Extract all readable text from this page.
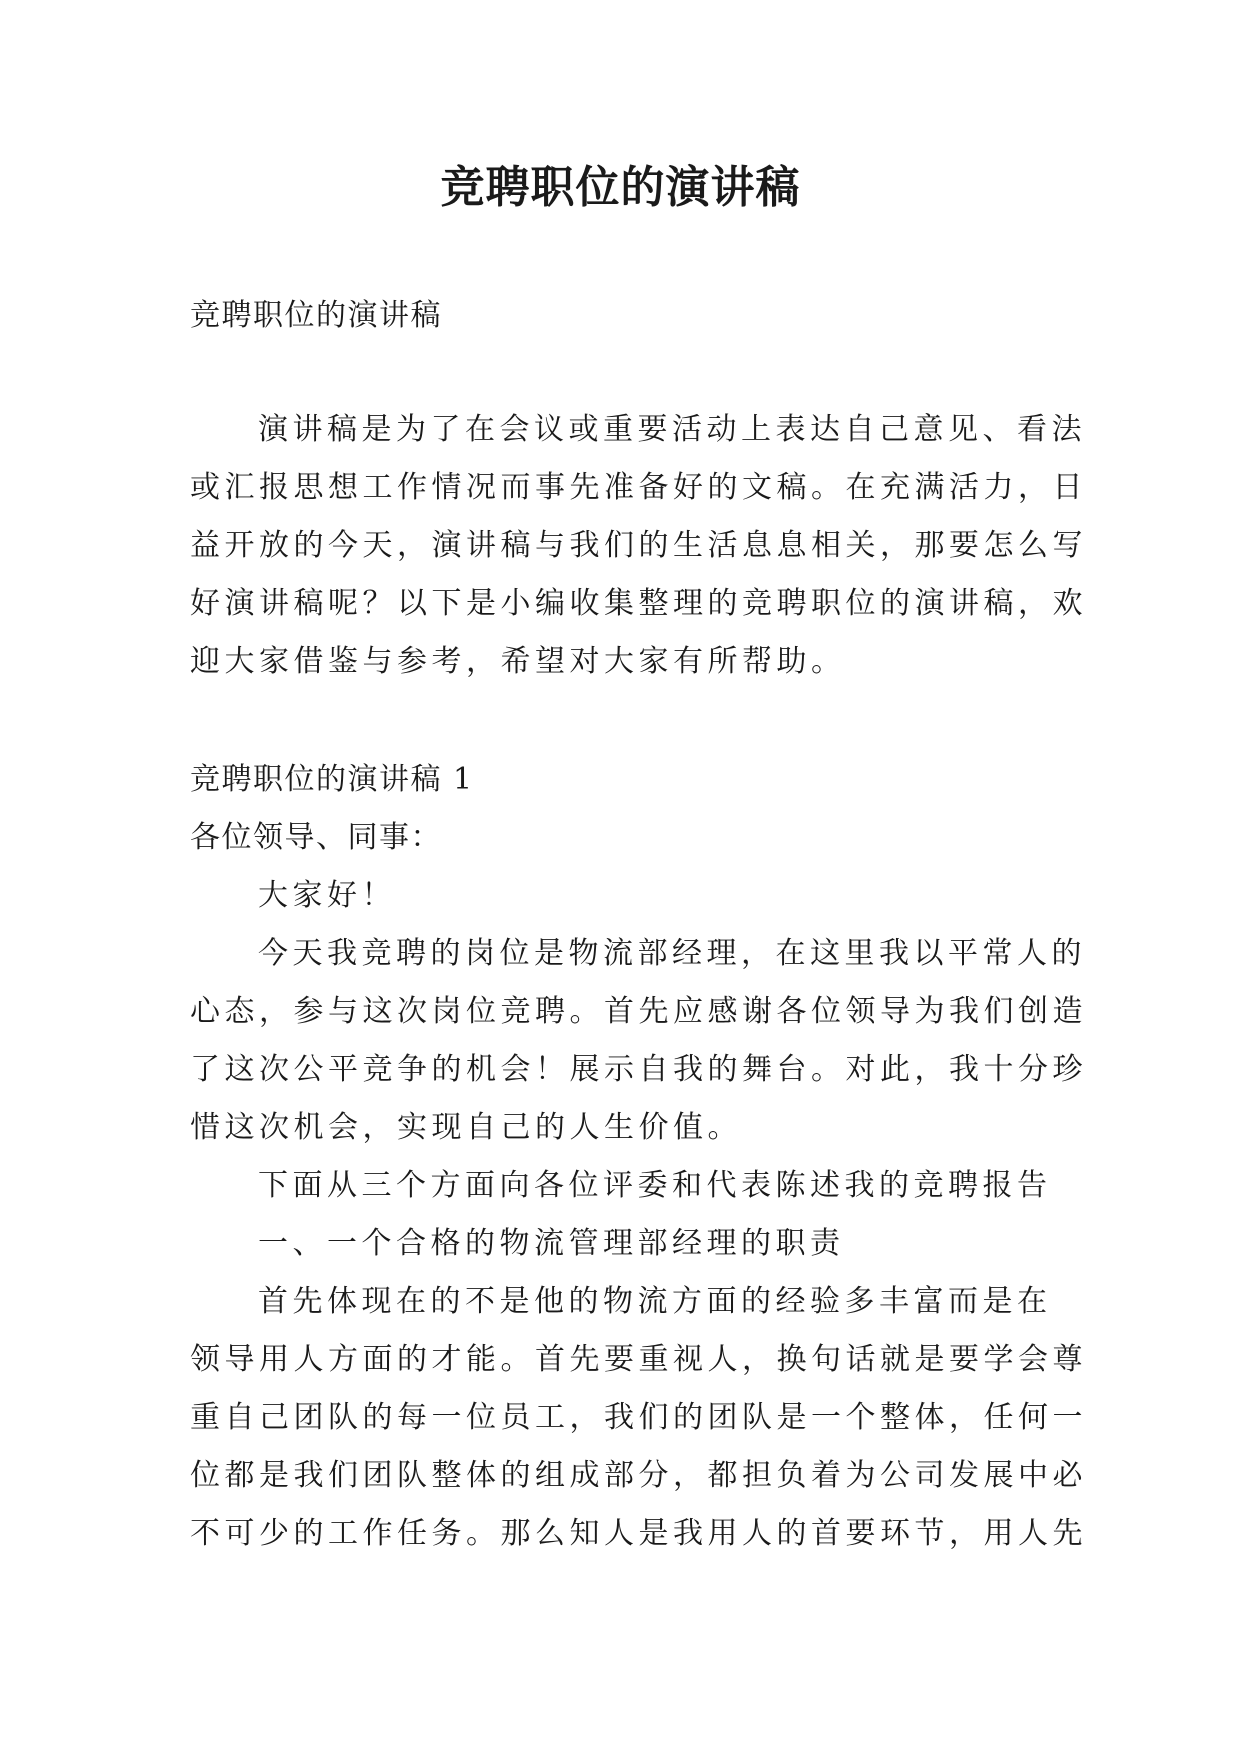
竞聘职位的演讲稿

竞聘职位的演讲稿

演讲稿是为了在会议或重要活动上表达自己意见、看法

或汇报思想工作情况而事先准备好的文稿。在充满活力，日

益开放的今天，演讲稿与我们的生活息息相关，那要怎么写

好演讲稿呢？以下是小编收集整理的竞聘职位的演讲稿，欢

迎大家借鉴与参考，希望对大家有所帮助。

竞聘职位的演讲稿 1

各位领导、同事：

大家好！

今天我竞聘的岗位是物流部经理，在这里我以平常人的

心态，参与这次岗位竞聘。首先应感谢各位领导为我们创造

了这次公平竞争的机会！展示自我的舞台。对此，我十分珍

惜这次机会，实现自己的人生价值。

下面从三个方面向各位评委和代表陈述我的竞聘报告

一、一个合格的物流管理部经理的职责

首先体现在的不是他的物流方面的经验多丰富而是在

领导用人方面的才能。首先要重视人，换句话就是要学会尊

重自己团队的每一位员工，我们的团队是一个整体，任何一

位都是我们团队整体的组成部分，都担负着为公司发展中必

不可少的工作任务。那么知人是我用人的首要环节，用人先
